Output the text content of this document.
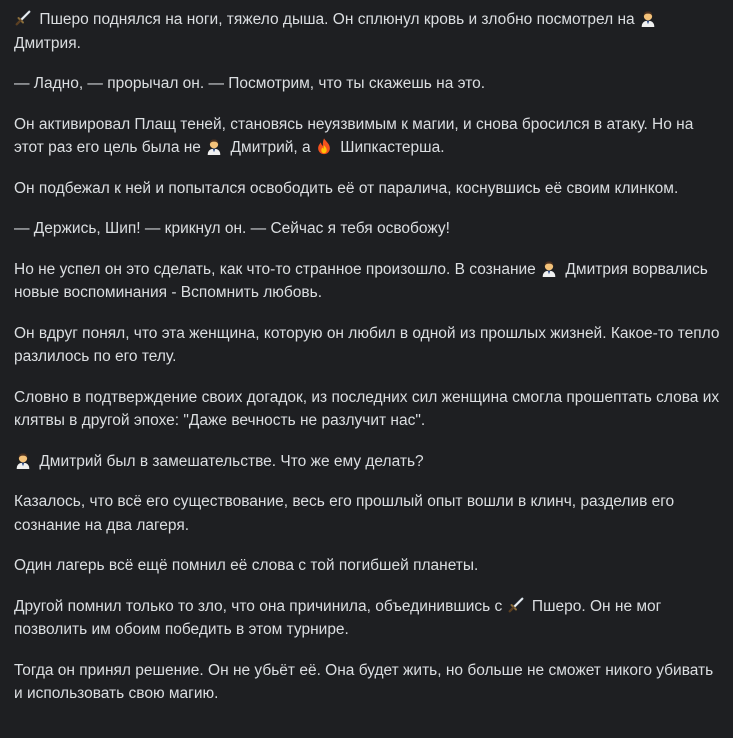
Пшеро поднялся на ноги, тяжело дыша. Он сплюнул кровь и злобно посмотрел на  Дмитрия.

— Ладно, — прорычал он. — Посмотрим, что ты скажешь на это.

Он активировал Плащ теней, становясь неуязвимым к магии, и снова бросился в атаку. Но на этот раз его цель была не  Дмитрий, а  Шипкастерша.

Он подбежал к ней и попытался освободить её от паралича, коснувшись её своим клинком.

— Держись, Шип! — крикнул он. — Сейчас я тебя освобожу!

Но не успел он это сделать, как что-то странное произошло. В сознание  Дмитрия ворвались новые воспоминания - Вспомнить любовь.

Он вдруг понял, что эта женщина, которую он любил в одной из прошлых жизней. Какое-то тепло разлилось по его телу.

Словно в подтверждение своих догадок, из последних сил женщина смогла прошептать слова их клятвы в другой эпохе: "Даже вечность не разлучит нас".

Дмитрий был в замешательстве. Что же ему делать?

Казалось, что всё его существование, весь его прошлый опыт вошли в клинч, разделив его сознание на два лагеря.

Один лагерь всё ещё помнил её слова с той погибшей планеты.

Другой помнил только то зло, что она причинила, объединившись с  Пшеро. Он не мог позволить им обоим победить в этом турнире.

Тогда он принял решение. Он не убьёт её. Она будет жить, но больше не сможет никого убивать и использовать свою магию.
